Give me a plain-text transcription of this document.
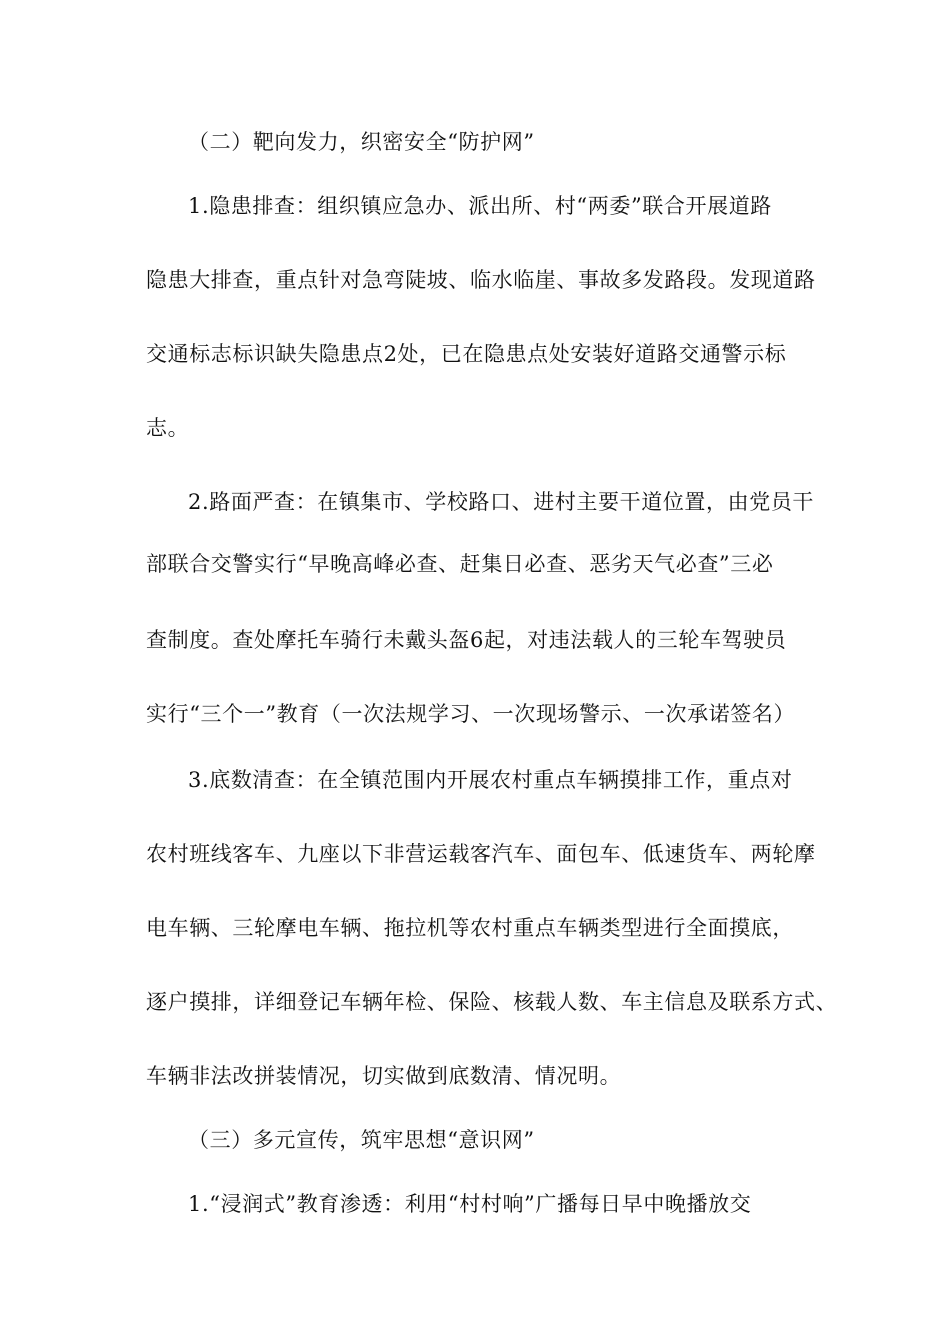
（二）靶向发力，织密安全“防护网”
1.隐患排查：组织镇应急办、派出所、村“两委”联合开展道路
隐患大排查，重点针对急弯陡坡、临水临崖、事故多发路段。发现道路
交通标志标识缺失隐患点2处，已在隐患点处安装好道路交通警示标
志。
2.路面严查：在镇集市、学校路口、进村主要干道位置，由党员干
部联合交警实行“早晚高峰必查、赶集日必查、恶劣天气必查”三必
查制度。查处摩托车骑行未戴头盔6起，对违法载人的三轮车驾驶员
实行“三个一”教育（一次法规学习、一次现场警示、一次承诺签名）
3.底数清查：在全镇范围内开展农村重点车辆摸排工作，重点对
农村班线客车、九座以下非营运载客汽车、面包车、低速货车、两轮摩
电车辆、三轮摩电车辆、拖拉机等农村重点车辆类型进行全面摸底，
逐户摸排，详细登记车辆年检、保险、核载人数、车主信息及联系方式、
车辆非法改拼装情况，切实做到底数清、情况明。
（三）多元宣传，筑牢思想“意识网”
1.“浸润式”教育渗透：利用“村村响”广播每日早中晚播放交
